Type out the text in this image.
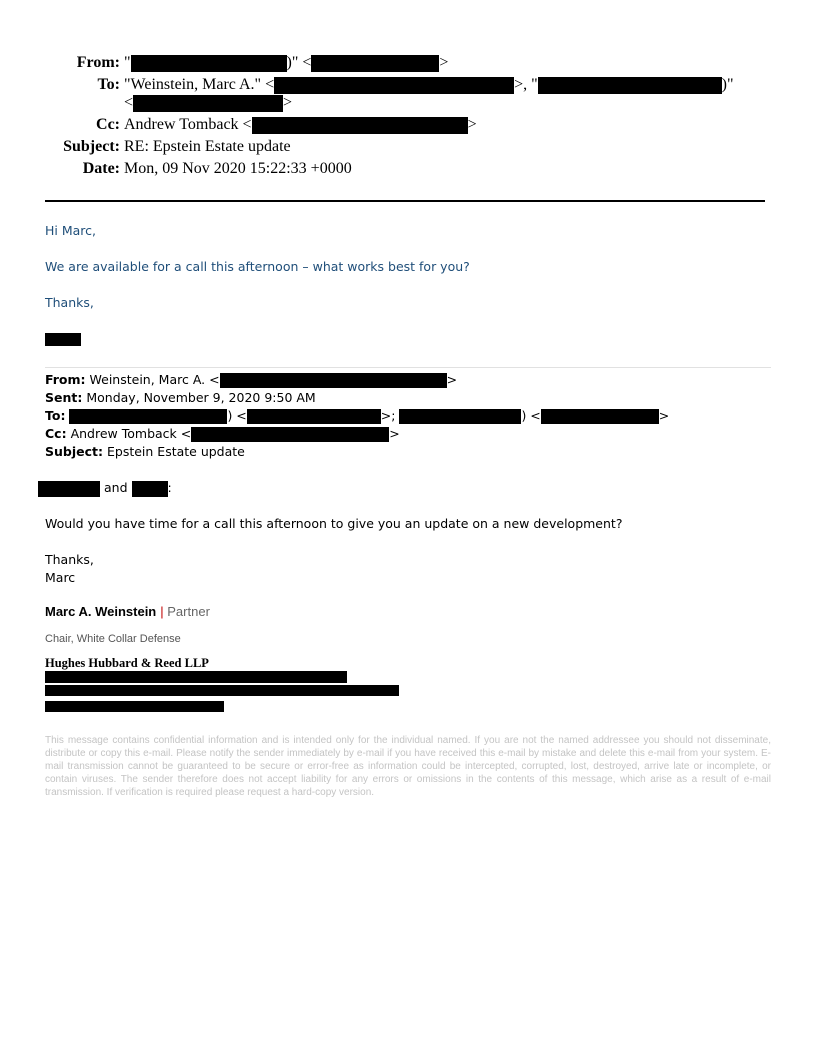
From: "	)" <	>
To: "Weinstein, Marc A." <	>, "	)"
<	>
Cc: Andrew Tomback <	>
Subject: RE: Epstein Estate update
Date: Mon, 09 Nov 2020 15:22:33 +0000
Hi Marc,
We are available for a call this afternoon – what works best for you?
Thanks,
From: Weinstein, Marc A. <	>
Sent: Monday, November 9, 2020 9:50 AM
To:	) <	>;	) <	>
Cc: Andrew Tomback <	>
Subject: Epstein Estate update
and	:
Would you have time for a call this afternoon to give you an update on a new development?
Thanks,
Marc
Marc A. Weinstein | Partner
Chair, White Collar Defense
Hughes Hubbard & Reed LLP
This message contains confidential information and is intended only for the individual named. If you are not the named addressee you should not disseminate, distribute or copy this e-mail. Please notify the sender immediately by e-mail if you have received this e-mail by mistake and delete this e-mail from your system. E-mail transmission cannot be guaranteed to be secure or error-free as information could be intercepted, corrupted, lost, destroyed, arrive late or incomplete, or contain viruses. The sender therefore does not accept liability for any errors or omissions in the contents of this message, which arise as a result of e-mail transmission. If verification is required please request a hard-copy version.
